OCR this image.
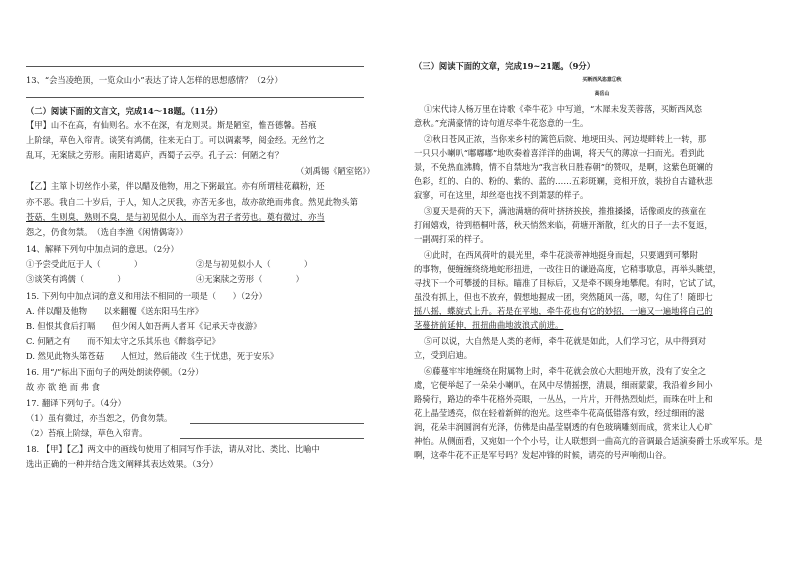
13、“会当凌绝顶，一览众山小”表达了诗人怎样的思想感情？（2分）
（二）阅读下面的文言文，完成14～18题。（11分）
【甲】山不在高，有仙则名。水不在深，有龙则灵。斯是陋室，惟吾德馨。苔痕
上阶绿，草色入帘青。谈笑有鸿儒，往来无白丁。可以调素琴，阅金经。无丝竹之
乱耳，无案牍之劳形。南阳诸葛庐，西蜀子云亭。孔子云：何陋之有？
（刘禹锡《陋室铭》）
【乙】主箪卜切丝作小菜，伴以醋及他物，用之下粥最宜。亦有所谓桂花藕粉，还
亦不恶。我自二十岁后，于人，知人之厌我，亦苦无多也，故亦欲绝而弗食。然见此物头第
苍菇，生则臭，熟则不臭，是与初见似小人，而卒为君子者劳也。奠有微过，亦当
怨之，仍食勿禁。　（选自李渔《闲情偶寄》）
14、解释下列句中加点词的意思。（2分）
①予尝受此厄于人（　　　　）	②是与初见似小人（　　　　）
③谈笑有鸿儒（　　　　）	④无案牍之劳形（　　　　）
15. 下列句中加点词的意义和用法不相同的一项是（　　）（2分）
A. 伴以醋及他物　　以来翻覆《送东阳马生序》
B. 但恨其食后打嗝　　但少闲人如吾两人者耳《记承天寺夜游》
C. 何陋之有　　而不知太守之乐其乐也《醉翁亭记》
D. 然见此物头第苍菇　　人恒过，然后能改《生于忧患，死于安乐》
16. 用“/”标出下面句子的两处朗读停顿。（2分）
故 亦 欲 绝 而 弗 食
17. 翻译下列句子。（4分）
（1）虽有微过，亦当恕之，仍食勿禁。
（2）苔痕上阶绿，草色入帘青。
18. 【甲】【乙】两文中的画线句使用了相同写作手法，请从对比、类比、比喻中
选出正确的一种并结合选文阐释其表达效果。（3分）
（三）阅读下面的文章，完成19~21题。（9分）
买断西风恣意①秋
高岳山
①宋代诗人杨万里在诗歌《牵牛花》中写道，“木犀未发芙蓉落，买断西风恣
意秋。”充满豪情的诗句道尽牵牛花恣意的一生。
②秋日苍风正浓，当你来乡村的篱笆后院、地埂田头、河边堤畔转上一转，那
一只只小喇叭“嘟嘟嘟”地吹奏着喜洋洋的曲调，将天气的薄凉一扫而光。看到此
景，不免热血沸腾，情不自禁地为“我言秋日胜春朝”的赞叹，是啊，这紫色斑斓的
色彩，红的、白的、粉的、紫的、蓝的……五彩斑斓，竞相开放，装扮自古谴秋悲
寂寥，可在这里，却丝毫也找不到萧瑟的样子。
③夏天是荷的天下，满池满塘的荷叶挤挤挨挨，推推搡搡，话像顽皮的孩童在
打闹嬉戏，待到梧桐叶落，秋天悄然来临，荷塘开渐散，红火的日子一去不复返，
一副凋打采的样子。
④此时，在西风荷叶的晨光里，牵牛花淡蒂神地挺身而起，只要遇到可攀附
的事物，便缠缠绕绕地蛇形扭进，一改往日的谦逊高度，它稍事歇息，再举头眺望，
寻找下一个可攀援的目标。瞄准了目标后，又是牵不顾身地攀爬。有时，它试了试，
虽没有抓上，但也不放弃，假想地握成一团，突然随风一荡，嗯，勾住了！随即七
摇八摇，蝶旋式上升。若是在平地，牵牛花也有它的妙招，一遍又一遍地将自己的
茎蔓挤前延伸，扭扭曲曲地波浪式前进。
⑤可以说，大自然是人类的老师，牵牛花就是如此，人们学习它，从中得到对
立，受到启迪。
⑥藤蔓牢牢地缠绕在附属物上时，牵牛花就会放心大胆地开放，没有了安全之
虞，它便举起了一朵朵小喇叭，在风中尽情摇摆，清晨，细雨蒙蒙，我沿着乡间小
路骑行，路边的牵牛花格外亮眼，一丛丛，一片片，开得热烈灿烂，而珠在叶上和
花上晶莹透亮，似在轻着新鲜的泡光。这些牵牛花高低错落有致，经过细雨的滋
润，花朵丰润圆润有光泽，仿佛是由晶莹剔透的有色玻璃雕刻而成，赏来让人心旷
神怡。从侧面看，又宛如一个个小号，让人联想到一曲高亢的音调最合适演奏爵士乐或军乐。是
啊，这牵牛花不正是军号吗？发起冲锋的时候，请亮的号声响彻山谷。
